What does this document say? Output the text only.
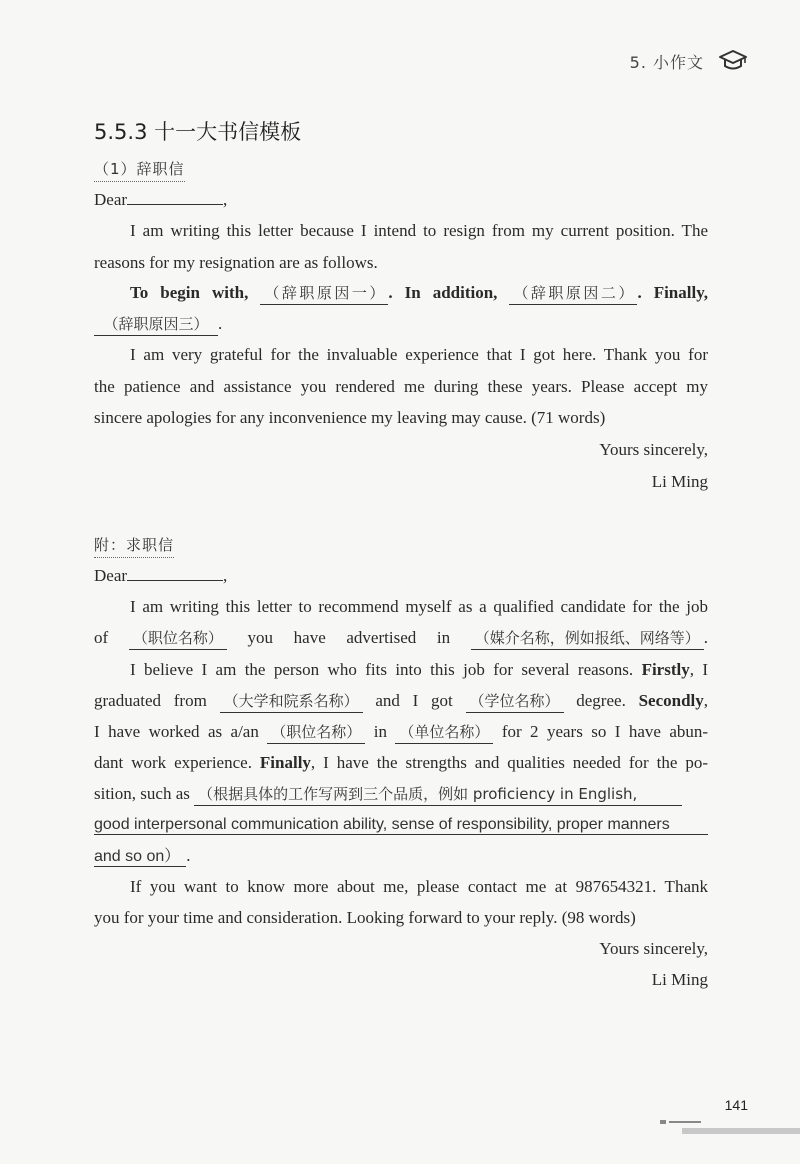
5. 小作文
5.5.3 十一大书信模板
（1）辞职信
Dear	,
I am writing this letter because I intend to resign from my current position. The
reasons for my resignation are as follows.
To begin with, （辞职原因一） . In addition, （辞职原因二） . Finally,
（辞职原因三） .
I am very grateful for the invaluable experience that I got here. Thank you for
the patience and assistance you rendered me during these years. Please accept my
sincere apologies for any inconvenience my leaving may cause. (71 words)
Yours sincerely,
Li Ming
附：求职信
Dear	,
I am writing this letter to recommend myself as a qualified candidate for the job
of （职位名称） you have advertised in （媒介名称，例如报纸、网络等） .
I believe I am the person who fits into this job for several reasons. Firstly, I
graduated from （大学和院系名称） and I got （学位名称） degree. Secondly,
I have worked as a/an （职位名称） in （单位名称） for 2 years so I have abun-
dant work experience. Finally, I have the strengths and qualities needed for the po-
sition, such as （根据具体的工作写两到三个品质，例如 proficiency in English,
good interpersonal communication ability, sense of responsibility, proper manners
and so on） .
If you want to know more about me, please contact me at 987654321. Thank
you for your time and consideration. Looking forward to your reply. (98 words)
Yours sincerely,
Li Ming
141
